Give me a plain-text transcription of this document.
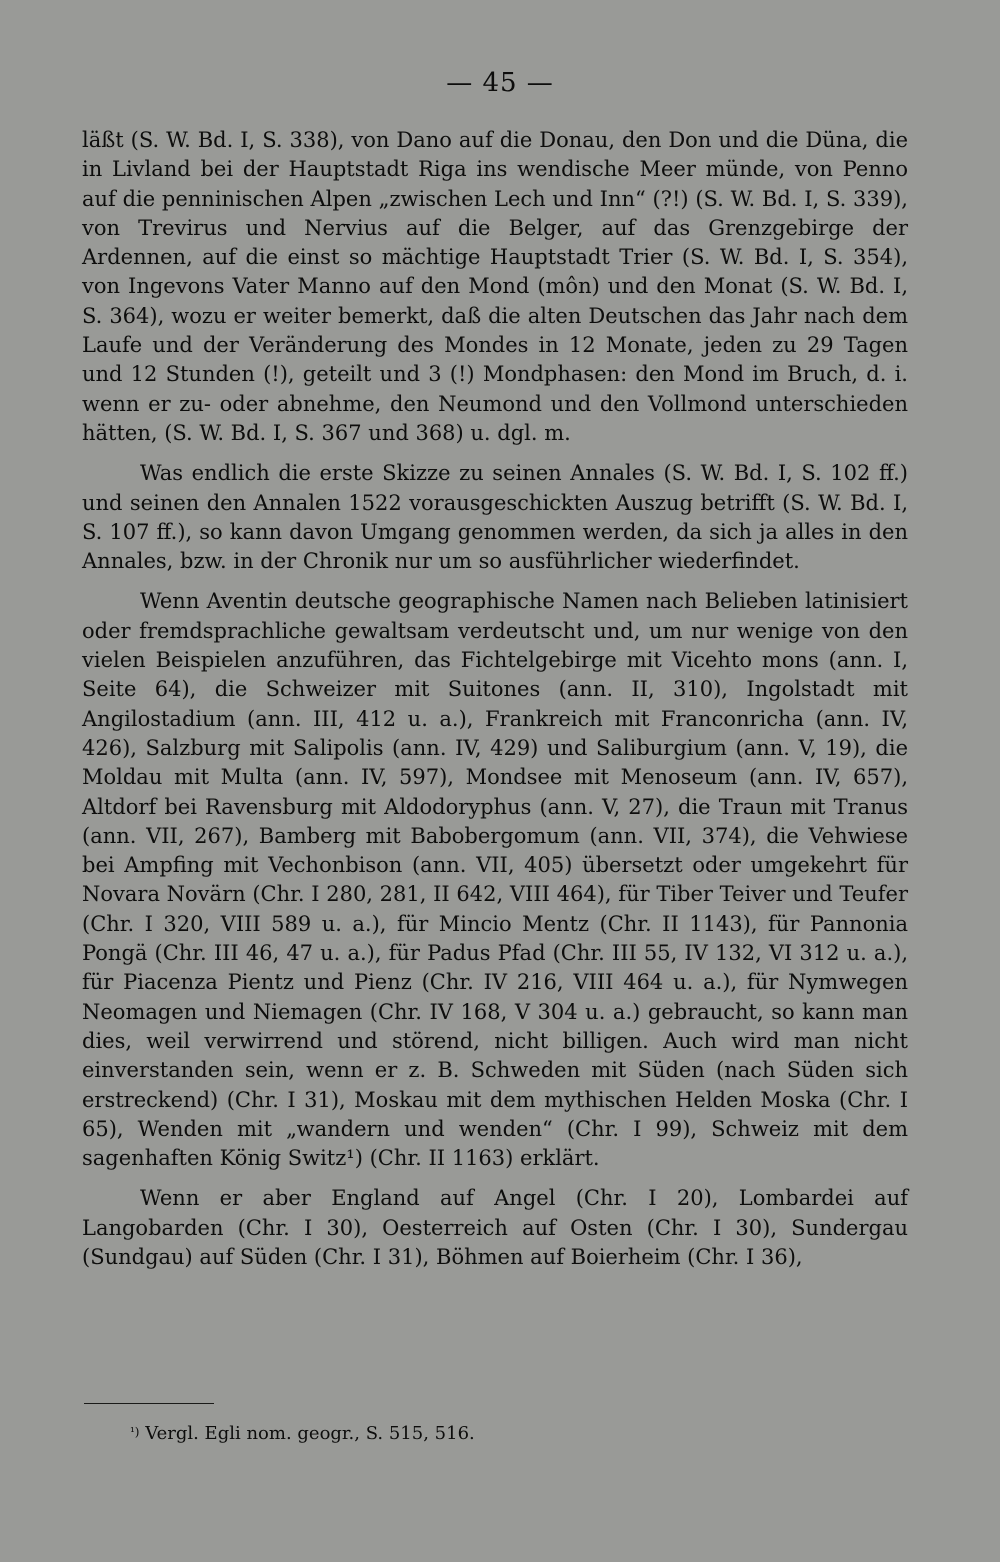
— 45 —

läßt (S. W. Bd. I, S. 338), von Dano auf die Donau, den Don und die Düna, die in Livland bei der Hauptstadt Riga ins wendische Meer münde, von Penno auf die penninischen Alpen „zwischen Lech und Inn“ (?!) (S. W. Bd. I, S. 339), von Trevirus und Nervius auf die Belger, auf das Grenzgebirge der Ardennen, auf die einst so mächtige Hauptstadt Trier (S. W. Bd. I, S. 354), von Ingevons Vater Manno auf den Mond (môn) und den Monat (S. W. Bd. I, S. 364), wozu er weiter bemerkt, daß die alten Deutschen das Jahr nach dem Laufe und der Veränderung des Mondes in 12 Monate, jeden zu 29 Tagen und 12 Stunden (!), geteilt und 3 (!) Mondphasen: den Mond im Bruch, d. i. wenn er zu- oder abnehme, den Neumond und den Vollmond unterschieden hätten, (S. W. Bd. I, S. 367 und 368) u. dgl. m.

Was endlich die erste Skizze zu seinen Annales (S. W. Bd. I, S. 102 ff.) und seinen den Annalen 1522 vorausgeschickten Auszug betrifft (S. W. Bd. I, S. 107 ff.), so kann davon Umgang genommen werden, da sich ja alles in den Annales, bzw. in der Chronik nur um so ausführlicher wiederfindet.

Wenn Aventin deutsche geographische Namen nach Belieben latinisiert oder fremdsprachliche gewaltsam verdeutscht und, um nur wenige von den vielen Beispielen anzuführen, das Fichtelgebirge mit Vicehto mons (ann. I, Seite 64), die Schweizer mit Suitones (ann. II, 310), Ingolstadt mit Angilostadium (ann. III, 412 u. a.), Frankreich mit Franconricha (ann. IV, 426), Salzburg mit Salipolis (ann. IV, 429) und Saliburgium (ann. V, 19), die Moldau mit Multa (ann. IV, 597), Mondsee mit Menoseum (ann. IV, 657), Altdorf bei Ravensburg mit Aldodoryphus (ann. V, 27), die Traun mit Tranus (ann. VII, 267), Bamberg mit Babobergomum (ann. VII, 374), die Vehwiese bei Ampfing mit Vechonbison (ann. VII, 405) übersetzt oder umgekehrt für Novara Novärn (Chr. I 280, 281, II 642, VIII 464), für Tiber Teiver und Teufer (Chr. I 320, VIII 589 u. a.), für Mincio Mentz (Chr. II 1143), für Pannonia Pongä (Chr. III 46, 47 u. a.), für Padus Pfad (Chr. III 55, IV 132, VI 312 u. a.), für Piacenza Pientz und Pienz (Chr. IV 216, VIII 464 u. a.), für Nymwegen Neomagen und Niemagen (Chr. IV 168, V 304 u. a.) gebraucht, so kann man dies, weil verwirrend und störend, nicht billigen. Auch wird man nicht einverstanden sein, wenn er z. B. Schweden mit Süden (nach Süden sich erstreckend) (Chr. I 31), Moskau mit dem mythischen Helden Moska (Chr. I 65), Wenden mit „wandern und wenden“ (Chr. I 99), Schweiz mit dem sagenhaften König Switz¹) (Chr. II 1163) erklärt.

Wenn er aber England auf Angel (Chr. I 20), Lombardei auf Langobarden (Chr. I 30), Oesterreich auf Osten (Chr. I 30), Sundergau (Sundgau) auf Süden (Chr. I 31), Böhmen auf Boierheim (Chr. I 36),

$^{^1)}$ Vergl. Egli nom. geogr., S. 515, 516.
